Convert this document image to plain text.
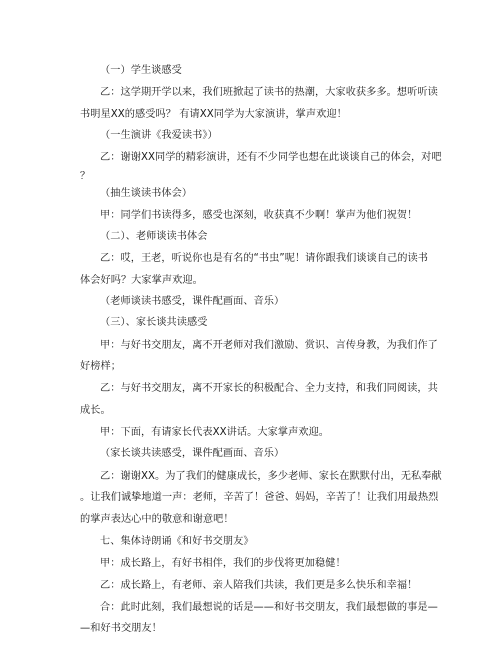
（一）学生谈感受
乙：这学期开学以来，我们班掀起了读书的热潮，大家收获多多。想听听读
书明星XX的感受吗？ 有请XX同学为大家演讲，掌声欢迎！
（一生演讲《我爱读书》）
乙：谢谢XX同学的精彩演讲，还有不少同学也想在此谈谈自己的体会，对吧
？
（抽生谈读书体会）
甲：同学们书读得多，感受也深刻，收获真不少啊！掌声为他们祝贺！
（二）、老师谈读书体会
乙：哎，王老，听说你也是有名的“书虫”呢！请你跟我们谈谈自己的读书
体会好吗？大家掌声欢迎。
（老师谈读书感受，课件配画面、音乐）
（三）、家长谈共读感受
甲：与好书交朋友，离不开老师对我们激励、赏识、言传身教，为我们作了
好榜样；
乙：与好书交朋友，离不开家长的积极配合、全力支持，和我们同阅读，共
成长。
甲：下面，有请家长代表XX讲话。大家掌声欢迎。
（家长谈共读感受，课件配画面、音乐）
乙：谢谢XX。为了我们的健康成长，多少老师、家长在默默付出，无私奉献
。让我们诚挚地道一声：老师，辛苦了！爸爸、妈妈，辛苦了！让我们用最热烈
的掌声表达心中的敬意和谢意吧！
七、集体诗朗诵《和好书交朋友》
甲：成长路上，有好书相伴，我们的步伐将更加稳健！
乙：成长路上，有老师、亲人陪我们共读，我们更是多么快乐和幸福！
合：此时此刻，我们最想说的话是——和好书交朋友，我们最想做的事是—
—和好书交朋友！
